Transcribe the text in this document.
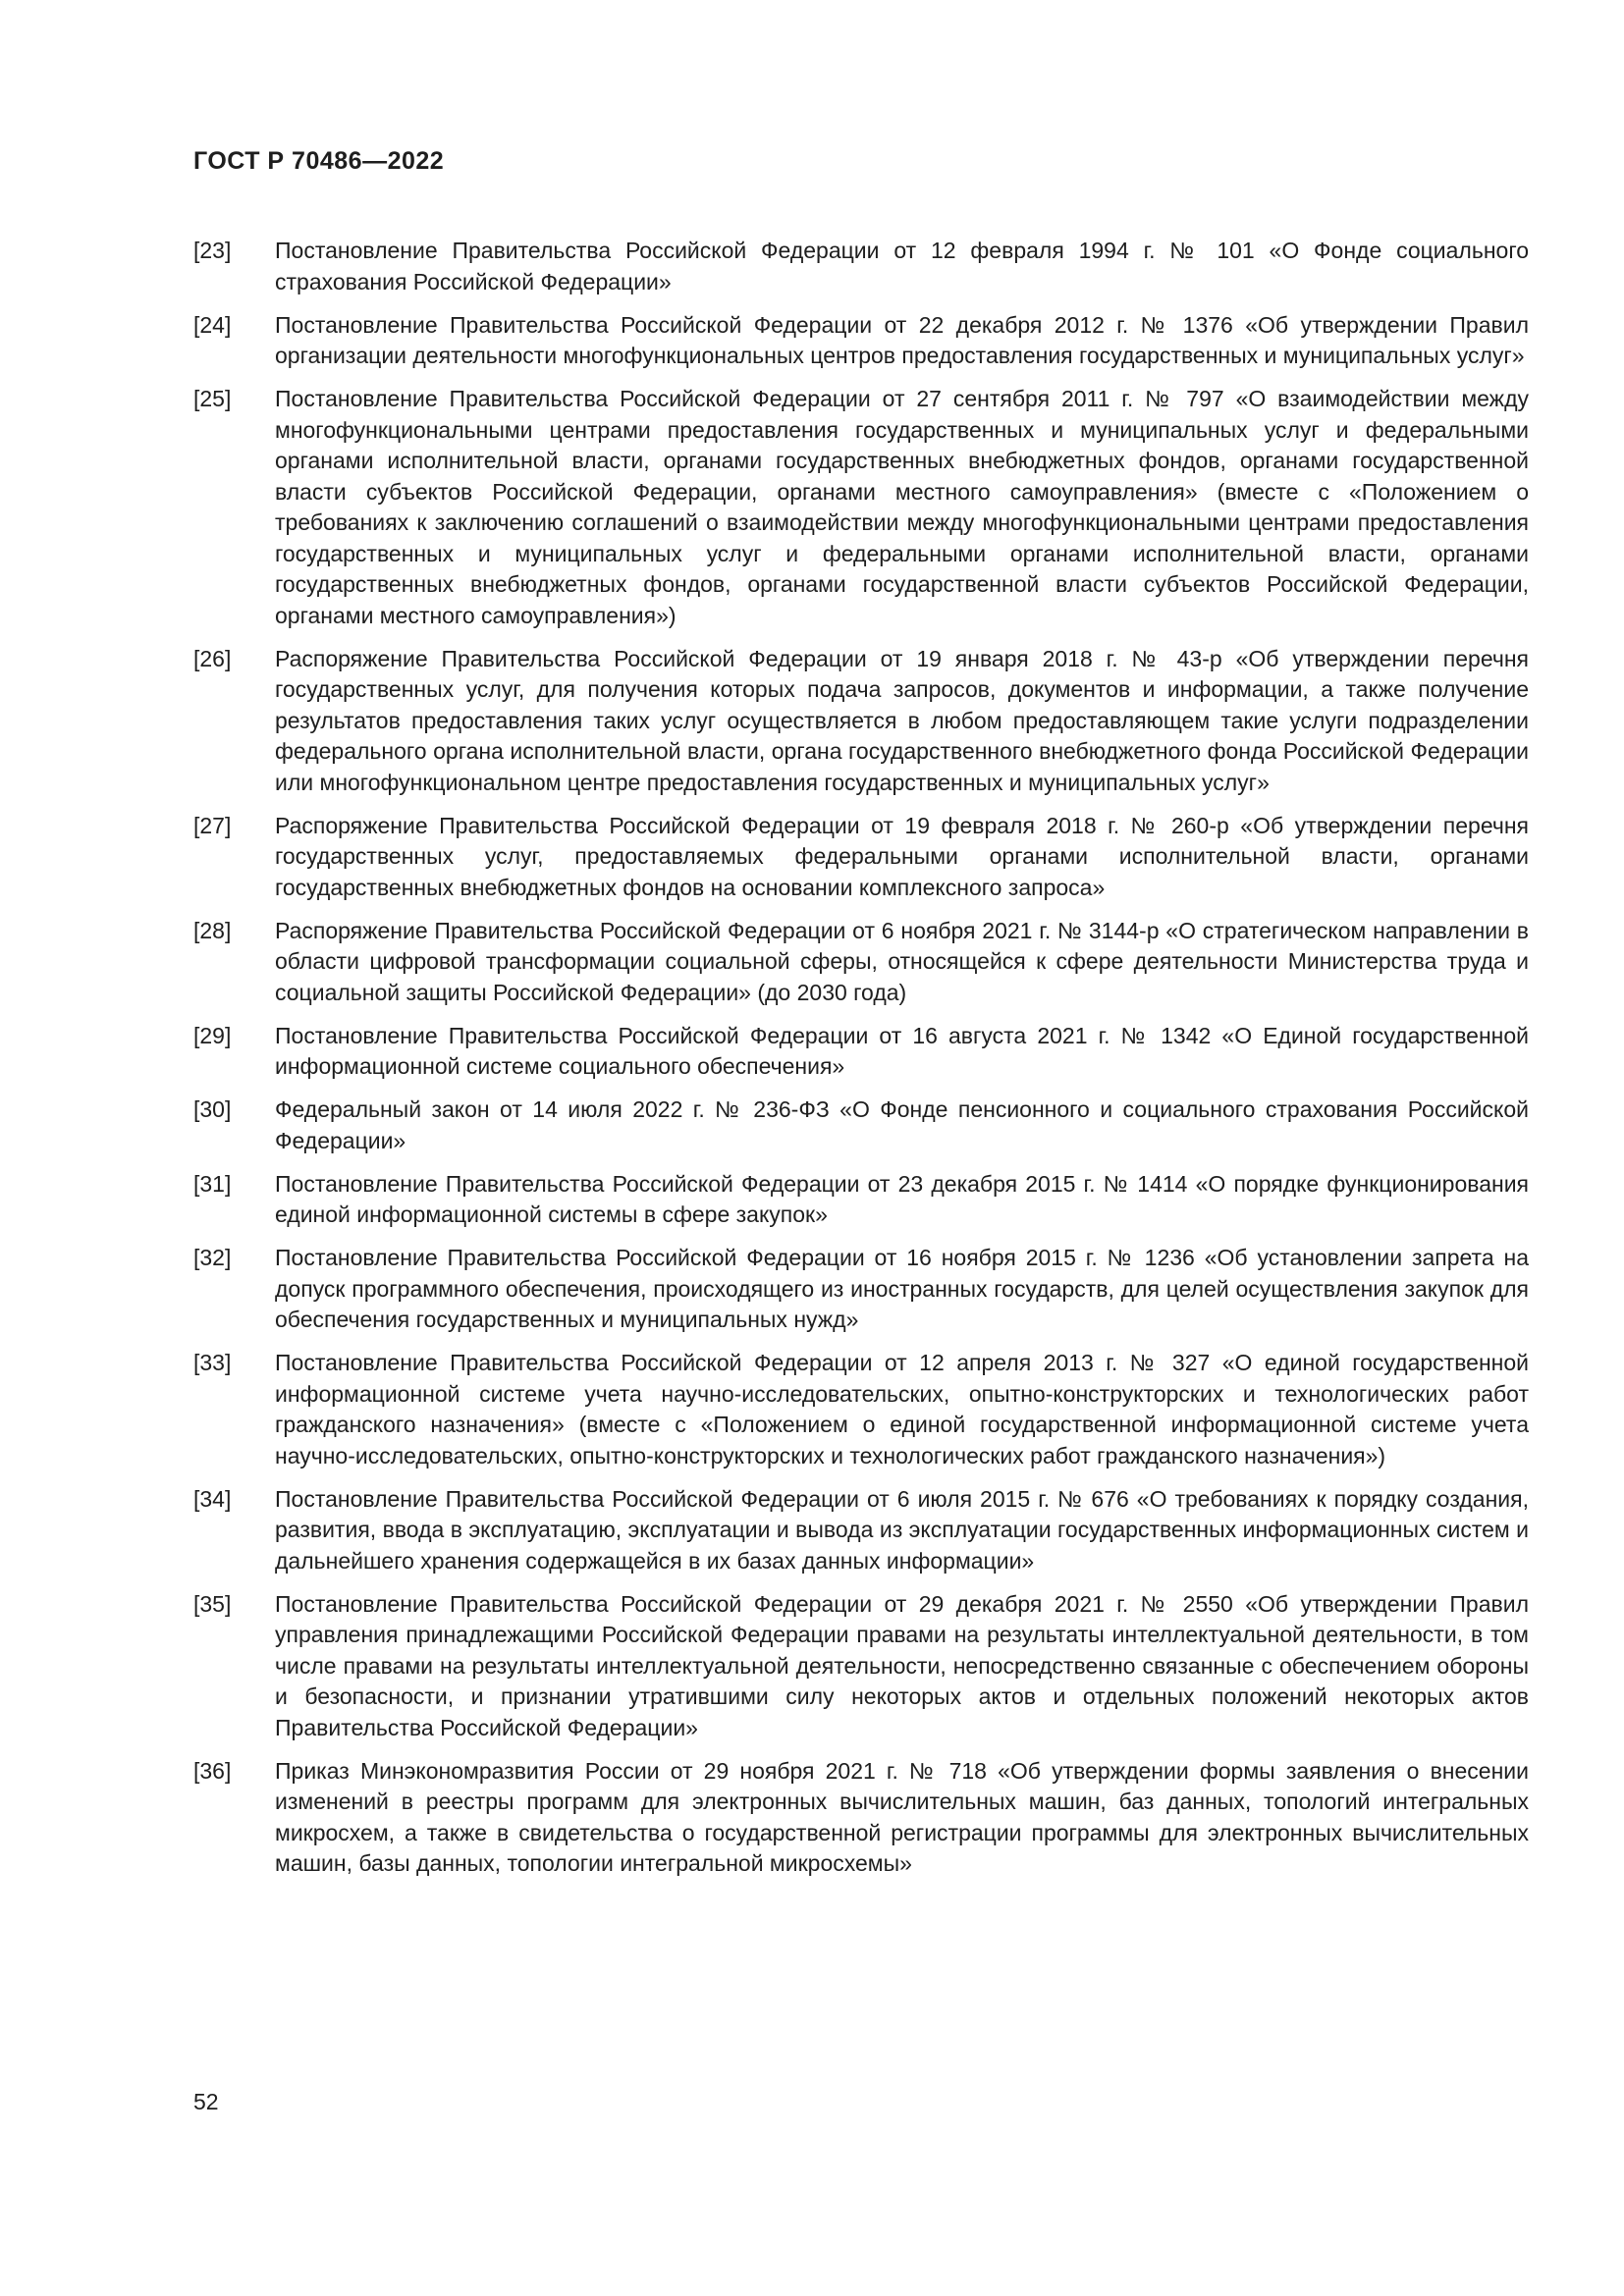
ГОСТ Р 70486—2022
[23]	Постановление Правительства Российской Федерации от 12 февраля 1994 г. № 101 «О Фонде социального страхования Российской Федерации»
[24]	Постановление Правительства Российской Федерации от 22 декабря 2012 г. № 1376 «Об утверждении Правил организации деятельности многофункциональных центров предоставления государственных и муниципальных услуг»
[25]	Постановление Правительства Российской Федерации от 27 сентября 2011 г. № 797 «О взаимодействии между многофункциональными центрами предоставления государственных и муниципальных услуг и федеральными органами исполнительной власти, органами государственных внебюджетных фондов, органами государственной власти субъектов Российской Федерации, органами местного самоуправления» (вместе с «Положением о требованиях к заключению соглашений о взаимодействии между многофункциональными центрами предоставления государственных и муниципальных услуг и федеральными органами исполнительной власти, органами государственных внебюджетных фондов, органами государственной власти субъектов Российской Федерации, органами местного самоуправления»)
[26]	Распоряжение Правительства Российской Федерации от 19 января 2018 г. № 43-р «Об утверждении перечня государственных услуг, для получения которых подача запросов, документов и информации, а также получение результатов предоставления таких услуг осуществляется в любом предоставляющем такие услуги подразделении федерального органа исполнительной власти, органа государственного внебюджетного фонда Российской Федерации или многофункциональном центре предоставления государственных и муниципальных услуг»
[27]	Распоряжение Правительства Российской Федерации от 19 февраля 2018 г. № 260-р «Об утверждении перечня государственных услуг, предоставляемых федеральными органами исполнительной власти, органами государственных внебюджетных фондов на основании комплексного запроса»
[28]	Распоряжение Правительства Российской Федерации от 6 ноября 2021 г. № 3144-р «О стратегическом направлении в области цифровой трансформации социальной сферы, относящейся к сфере деятельности Министерства труда и социальной защиты Российской Федерации» (до 2030 года)
[29]	Постановление Правительства Российской Федерации от 16 августа 2021 г. № 1342 «О Единой государственной информационной системе социального обеспечения»
[30]	Федеральный закон от 14 июля 2022 г. № 236-ФЗ «О Фонде пенсионного и социального страхования Российской Федерации»
[31]	Постановление Правительства Российской Федерации от 23 декабря 2015 г. № 1414 «О порядке функционирования единой информационной системы в сфере закупок»
[32]	Постановление Правительства Российской Федерации от 16 ноября 2015 г. № 1236 «Об установлении запрета на допуск программного обеспечения, происходящего из иностранных государств, для целей осуществления закупок для обеспечения государственных и муниципальных нужд»
[33]	Постановление Правительства Российской Федерации от 12 апреля 2013 г. № 327 «О единой государственной информационной системе учета научно-исследовательских, опытно-конструкторских и технологических работ гражданского назначения» (вместе с «Положением о единой государственной информационной системе учета научно-исследовательских, опытно-конструкторских и технологических работ гражданского назначения»)
[34]	Постановление Правительства Российской Федерации от 6 июля 2015 г. № 676 «О требованиях к порядку создания, развития, ввода в эксплуатацию, эксплуатации и вывода из эксплуатации государственных информационных систем и дальнейшего хранения содержащейся в их базах данных информации»
[35]	Постановление Правительства Российской Федерации от 29 декабря 2021 г. № 2550 «Об утверждении Правил управления принадлежащими Российской Федерации правами на результаты интеллектуальной деятельности, в том числе правами на результаты интеллектуальной деятельности, непосредственно связанные с обеспечением обороны и безопасности, и признании утратившими силу некоторых актов и отдельных положений некоторых актов Правительства Российской Федерации»
[36]	Приказ Минэкономразвития России от 29 ноября 2021 г. № 718 «Об утверждении формы заявления о внесении изменений в реестры программ для электронных вычислительных машин, баз данных, топологий интегральных микросхем, а также в свидетельства о государственной регистрации программы для электронных вычислительных машин, базы данных, топологии интегральной микросхемы»
52
